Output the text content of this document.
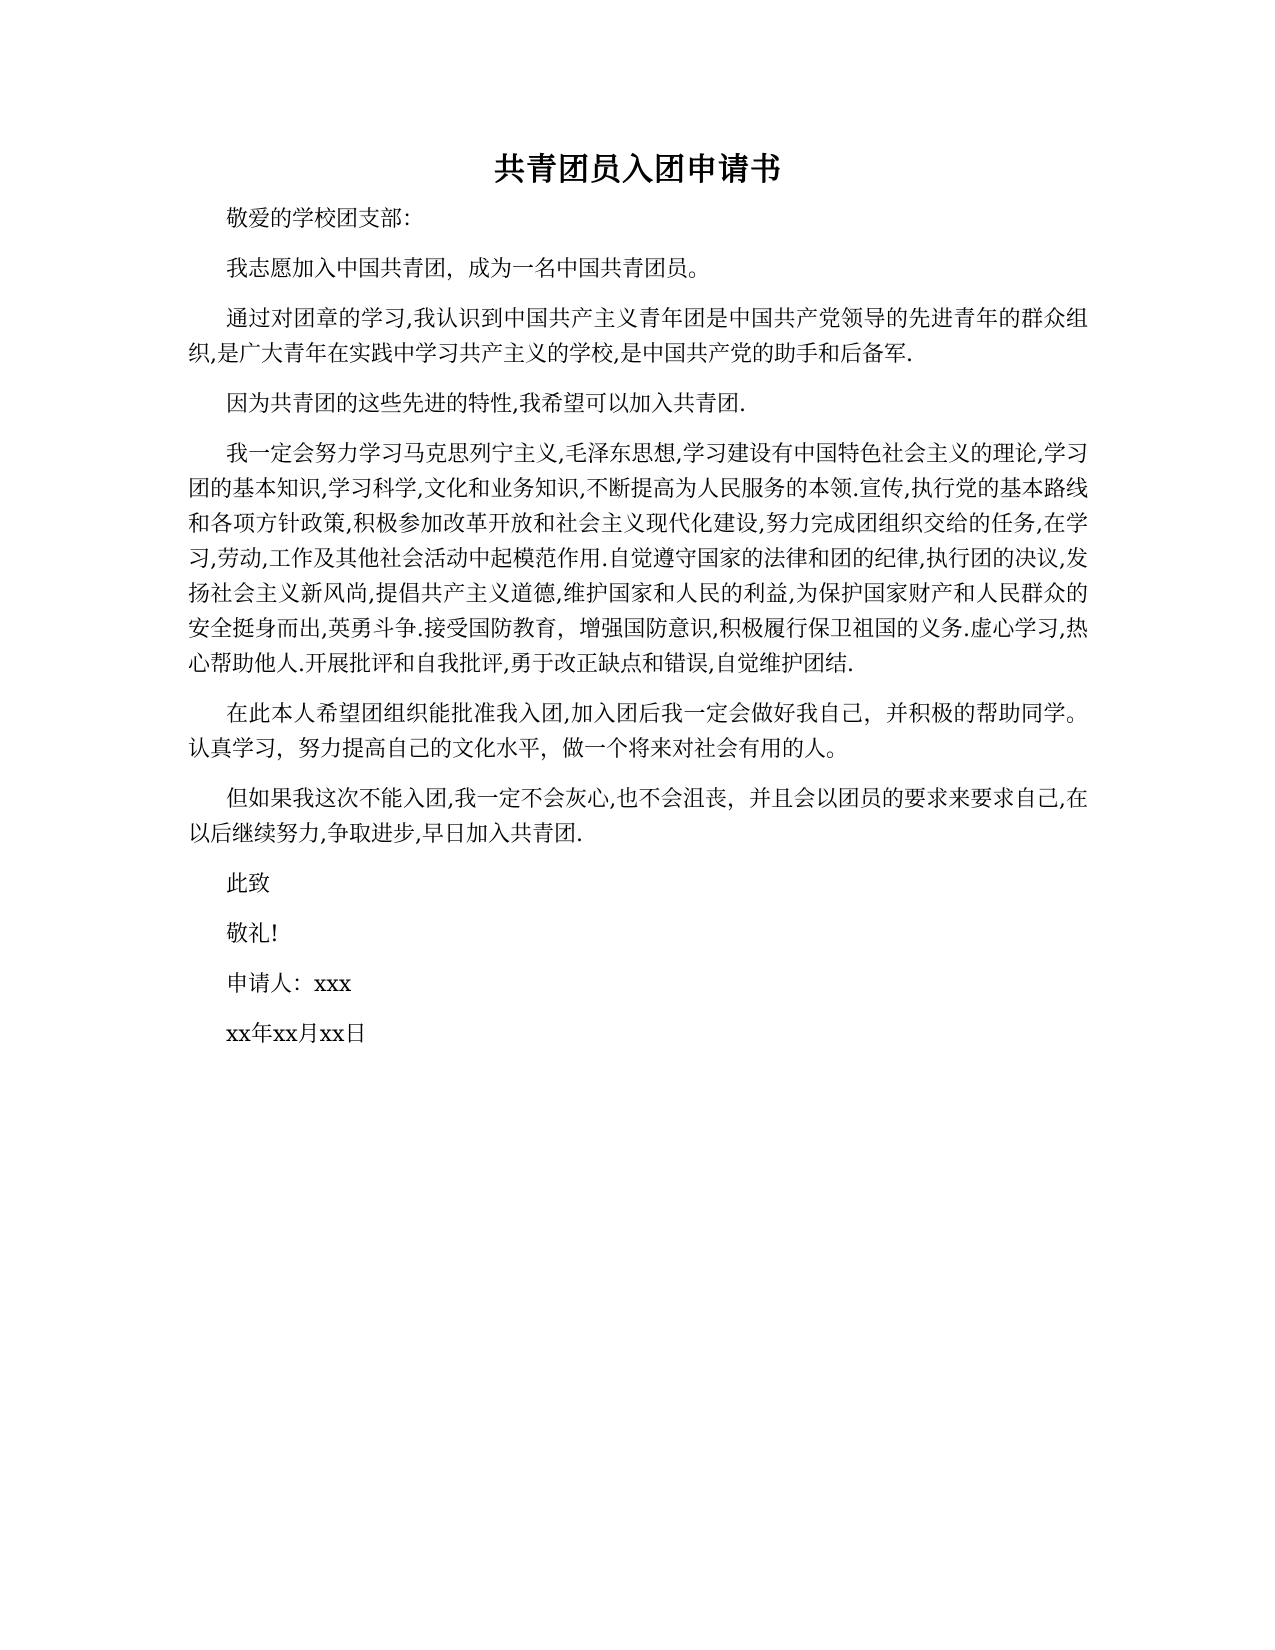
共青团员入团申请书

敬爱的学校团支部：

我志愿加入中国共青团，成为一名中国共青团员。

通过对团章的学习,我认识到中国共产主义青年团是中国共产党领导的先进青年的群众组织,是广大青年在实践中学习共产主义的学校,是中国共产党的助手和后备军.

因为共青团的这些先进的特性,我希望可以加入共青团.

我一定会努力学习马克思列宁主义,毛泽东思想,学习建设有中国特色社会主义的理论,学习团的基本知识,学习科学,文化和业务知识,不断提高为人民服务的本领.宣传,执行党的基本路线和各项方针政策,积极参加改革开放和社会主义现代化建设,努力完成团组织交给的任务,在学习,劳动,工作及其他社会活动中起模范作用.自觉遵守国家的法律和团的纪律,执行团的决议,发扬社会主义新风尚,提倡共产主义道德,维护国家和人民的利益,为保护国家财产和人民群众的安全挺身而出,英勇斗争.接受国防教育，增强国防意识,积极履行保卫祖国的义务.虚心学习,热心帮助他人.开展批评和自我批评,勇于改正缺点和错误,自觉维护团结.

在此本人希望团组织能批准我入团,加入团后我一定会做好我自己，并积极的帮助同学。认真学习，努力提高自己的文化水平，做一个将来对社会有用的人。

但如果我这次不能入团,我一定不会灰心,也不会沮丧，并且会以团员的要求来要求自己,在以后继续努力,争取进步,早日加入共青团.

此致

敬礼!

申请人：xxx

xx年xx月xx日
